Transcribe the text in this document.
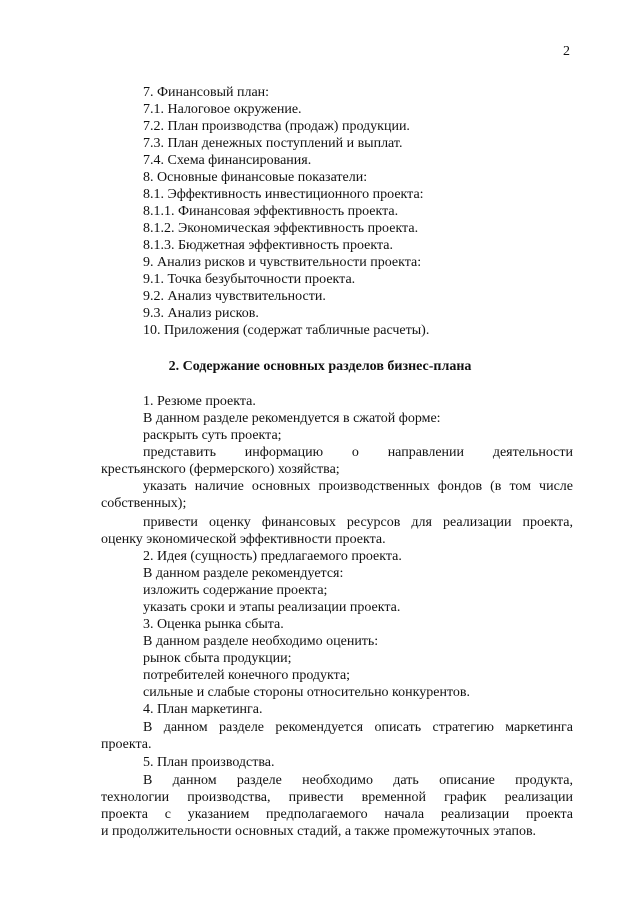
2
7. Финансовый план:
7.1. Налоговое окружение.
7.2. План производства (продаж) продукции.
7.3. План денежных поступлений и выплат.
7.4. Схема финансирования.
8. Основные финансовые показатели:
8.1. Эффективность инвестиционного проекта:
8.1.1. Финансовая эффективность проекта.
8.1.2. Экономическая эффективность проекта.
8.1.3. Бюджетная эффективность проекта.
9. Анализ рисков и чувствительности проекта:
9.1. Точка безубыточности проекта.
9.2. Анализ чувствительности.
9.3. Анализ рисков.
10. Приложения (содержат табличные расчеты).
2. Содержание основных разделов бизнес-плана
1. Резюме проекта.
В данном разделе рекомендуется в сжатой форме:
раскрыть суть проекта;
представить информацию о направлении деятельности
крестьянского (фермерского) хозяйства;
указать наличие основных производственных фондов (в том числе
собственных);
привести оценку финансовых ресурсов для реализации проекта,
оценку экономической эффективности проекта.
2. Идея (сущность) предлагаемого проекта.
В данном разделе рекомендуется:
изложить содержание проекта;
указать сроки и этапы реализации проекта.
3. Оценка рынка сбыта.
В данном разделе необходимо оценить:
рынок сбыта продукции;
потребителей конечного продукта;
сильные и слабые стороны относительно конкурентов.
4. План маркетинга.
В данном разделе рекомендуется описать стратегию маркетинга
проекта.
5. План производства.
В данном разделе необходимо дать описание продукта,
технологии производства, привести временной график реализации
проекта с указанием предполагаемого начала реализации проекта
и продолжительности основных стадий, а также промежуточных этапов.
